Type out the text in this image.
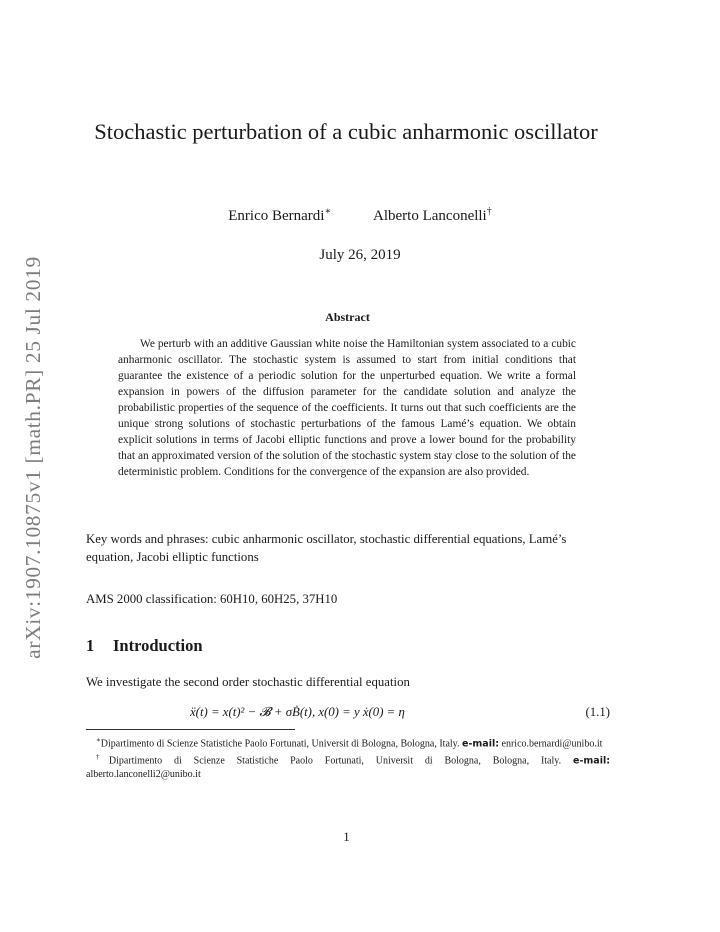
arXiv:1907.10875v1 [math.PR] 25 Jul 2019
Stochastic perturbation of a cubic anharmonic oscillator
Enrico Bernardi∗	Alberto Lanconelli†
July 26, 2019
Abstract

We perturb with an additive Gaussian white noise the Hamiltonian system associated to a cubic anharmonic oscillator. The stochastic system is assumed to start from initial conditions that guarantee the existence of a periodic solution for the unperturbed equation. We write a formal expansion in powers of the diffusion parameter for the candidate solution and analyze the probabilistic properties of the sequence of the coefficients. It turns out that such coefficients are the unique strong solutions of stochastic perturbations of the famous Lamé’s equation. We obtain explicit solutions in terms of Jacobi elliptic functions and prove a lower bound for the probability that an approximated version of the solution of the stochastic system stay close to the solution of the deterministic problem. Conditions for the convergence of the expansion are also provided.

Key words and phrases: cubic anharmonic oscillator, stochastic differential equations, Lamé’s equation, Jacobi elliptic functions

AMS 2000 classification: 60H10, 60H25, 37H10

1 Introduction

We investigate the second order stochastic differential equation

ẍ(t) = x(t)² − 𝓑 + σḂ(t), x(0) = y ẋ(0) = η	(1.1)

∗Dipartimento di Scienze Statistiche Paolo Fortunati, Universit di Bologna, Bologna, Italy. e-mail: enrico.bernardi@unibo.it

†Dipartimento di Scienze Statistiche Paolo Fortunati, Universit di Bologna, Bologna, Italy. e-mail: alberto.lanconelli2@unibo.it

1
